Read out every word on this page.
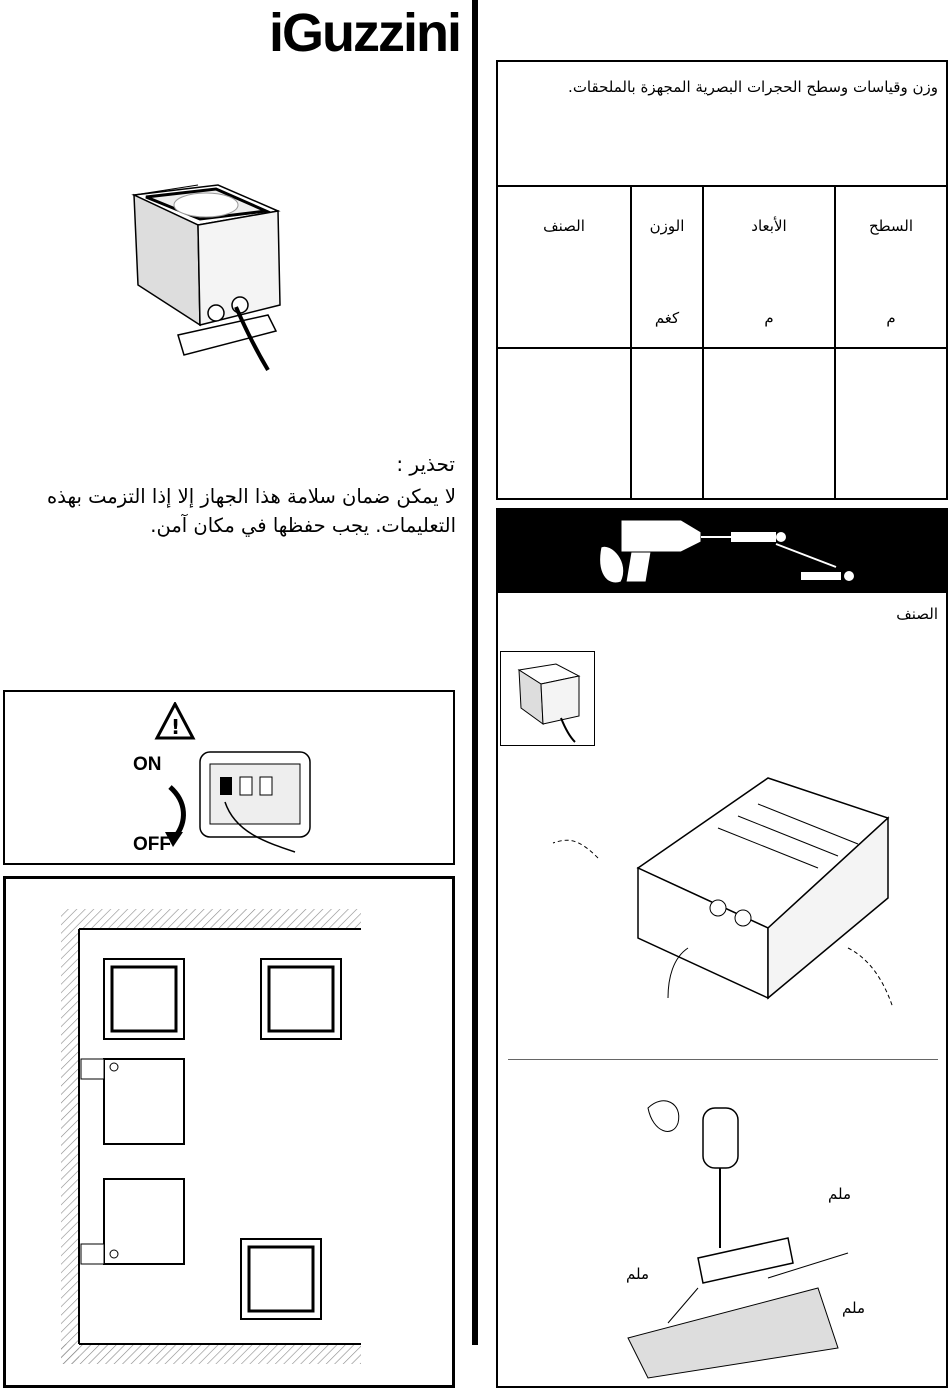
iGuzzini
تحذير :
لا يمكن ضمان سلامة هذا الجهاز إلا إذا التزمت بهذه
التعليمات. يجب حفظها في مكان آمن.
!
ON
OFF
وزن وقياسات وسطح الحجرات البصرية المجهزة بالملحقات.
الصنف	الوزن
كغم
الأبعاد
م
السطح
م
الصنف
ملم
ملم
ملم
